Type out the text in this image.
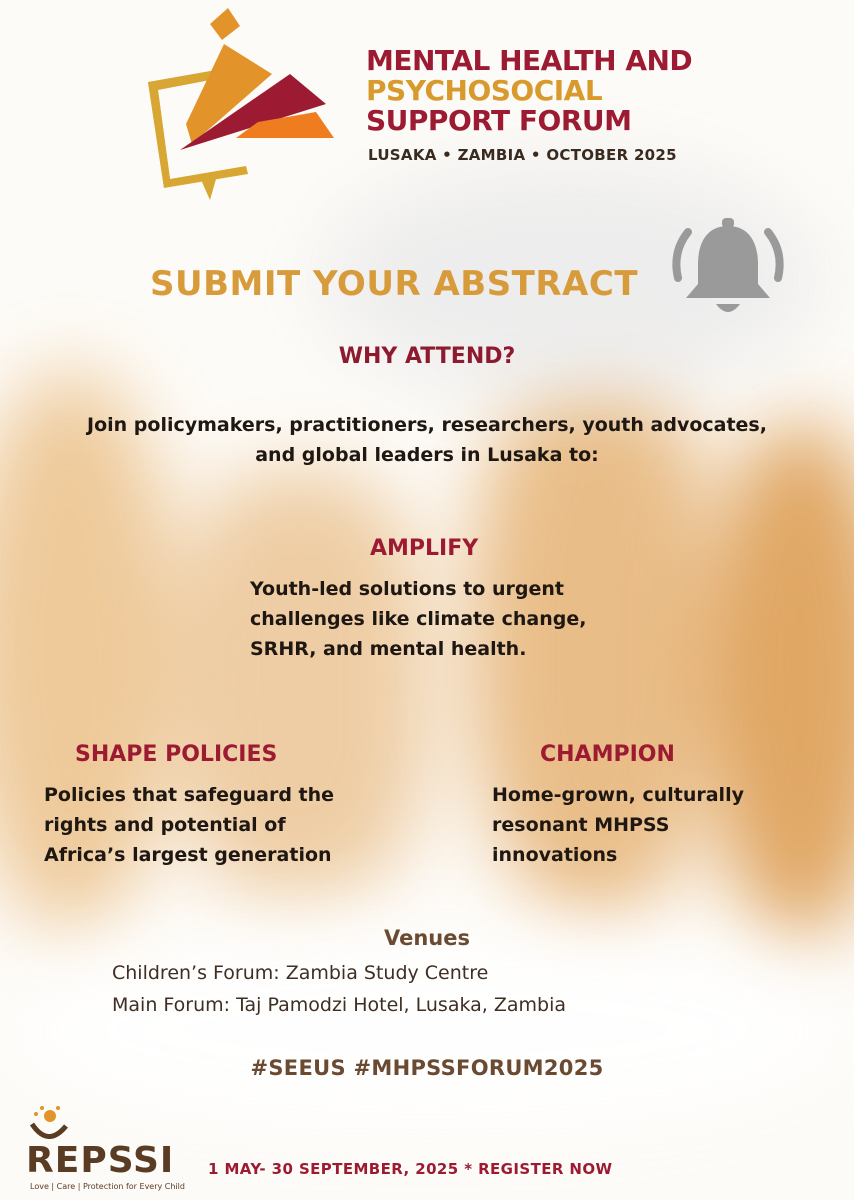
MENTAL HEALTH AND
PSYCHOSOCIAL
SUPPORT FORUM
LUSAKA • ZAMBIA • OCTOBER 2025
SUBMIT YOUR ABSTRACT
WHY ATTEND?
Join policymakers, practitioners, researchers, youth advocates,
and global leaders in Lusaka to:
AMPLIFY
Youth-led solutions to urgent
challenges like climate change,
SRHR, and mental health.
SHAPE POLICIES
Policies that safeguard the
rights and potential of
Africa’s largest generation
CHAMPION
Home-grown, culturally
resonant MHPSS
innovations
Venues
Children’s Forum: Zambia Study Centre
Main Forum: Taj Pamodzi Hotel, Lusaka, Zambia
#SEEUS #MHPSSFORUM2025
REPSSI
Love | Care | Protection for Every Child
1 MAY- 30 SEPTEMBER, 2025 * REGISTER NOW
